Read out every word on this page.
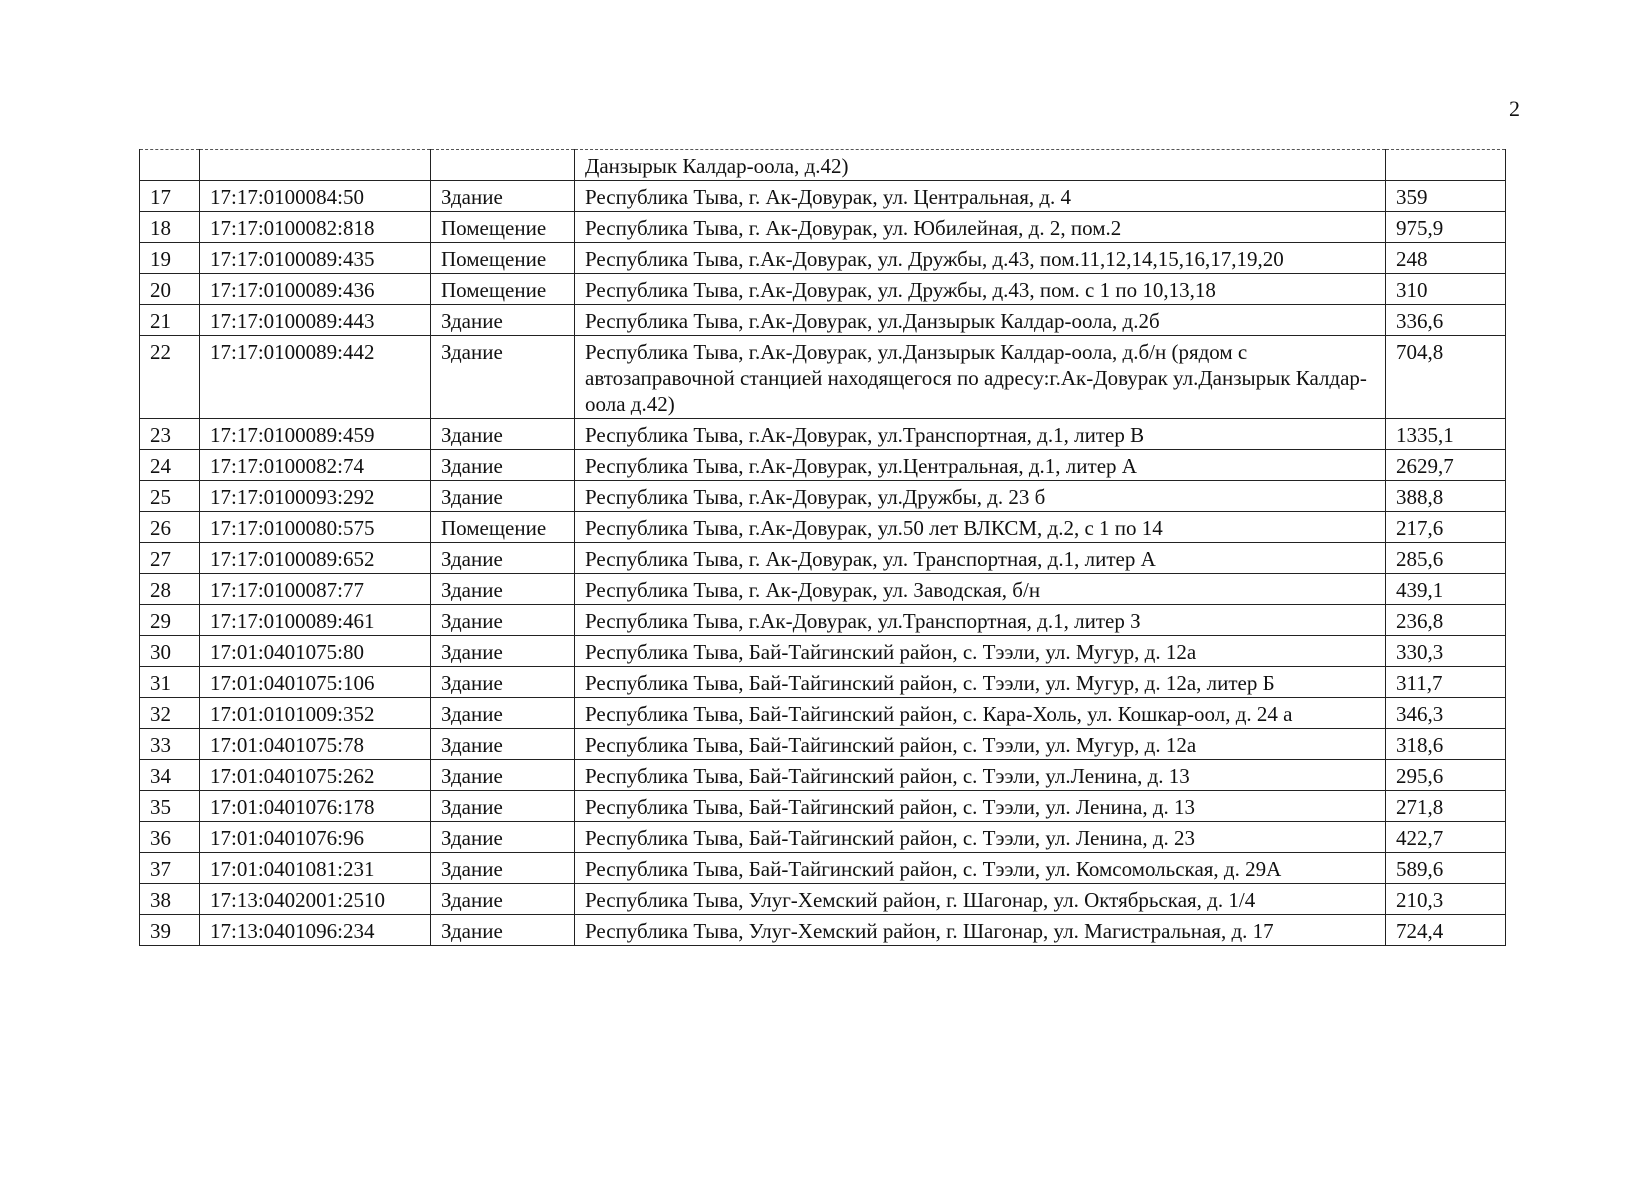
2
			Данзырык Калдар-оола, д.42)	
17	17:17:0100084:50	Здание	Республика Тыва, г. Ак-Довурак, ул. Центральная, д. 4	359
18	17:17:0100082:818	Помещение	Республика Тыва, г. Ак-Довурак, ул. Юбилейная, д. 2, пом.2	975,9
19	17:17:0100089:435	Помещение	Республика Тыва, г.Ак-Довурак, ул. Дружбы, д.43, пом.11,12,14,15,16,17,19,20	248
20	17:17:0100089:436	Помещение	Республика Тыва, г.Ак-Довурак, ул. Дружбы, д.43, пом. с 1 по 10,13,18	310
21	17:17:0100089:443	Здание	Республика Тыва, г.Ак-Довурак, ул.Данзырык Калдар-оола, д.2б	336,6
22	17:17:0100089:442	Здание	Республика Тыва, г.Ак-Довурак, ул.Данзырык Калдар-оола, д.б/н (рядом с автозаправочной станцией находящегося по адресу:г.Ак-Довурак ул.Данзырык Калдар-оола д.42)	704,8
23	17:17:0100089:459	Здание	Республика Тыва, г.Ак-Довурак, ул.Транспортная, д.1, литер В	1335,1
24	17:17:0100082:74	Здание	Республика Тыва, г.Ак-Довурак, ул.Центральная, д.1, литер А	2629,7
25	17:17:0100093:292	Здание	Республика Тыва, г.Ак-Довурак, ул.Дружбы, д. 23 б	388,8
26	17:17:0100080:575	Помещение	Республика Тыва, г.Ак-Довурак, ул.50 лет ВЛКСМ, д.2, с 1 по 14	217,6
27	17:17:0100089:652	Здание	Республика Тыва, г. Ак-Довурак, ул. Транспортная, д.1, литер А	285,6
28	17:17:0100087:77	Здание	Республика Тыва, г. Ак-Довурак, ул. Заводская, б/н	439,1
29	17:17:0100089:461	Здание	Республика Тыва, г.Ак-Довурак, ул.Транспортная, д.1, литер З	236,8
30	17:01:0401075:80	Здание	Республика Тыва, Бай-Тайгинский район, с. Тээли, ул. Мугур, д. 12а	330,3
31	17:01:0401075:106	Здание	Республика Тыва, Бай-Тайгинский район, с. Тээли, ул. Мугур, д. 12а, литер Б	311,7
32	17:01:0101009:352	Здание	Республика Тыва, Бай-Тайгинский район, с. Кара-Холь, ул. Кошкар-оол, д. 24 а	346,3
33	17:01:0401075:78	Здание	Республика Тыва, Бай-Тайгинский район, с. Тээли, ул. Мугур, д. 12а	318,6
34	17:01:0401075:262	Здание	Республика Тыва, Бай-Тайгинский район, с. Тээли, ул.Ленина, д. 13	295,6
35	17:01:0401076:178	Здание	Республика Тыва, Бай-Тайгинский район, с. Тээли, ул. Ленина, д. 13	271,8
36	17:01:0401076:96	Здание	Республика Тыва, Бай-Тайгинский район, с. Тээли, ул. Ленина, д. 23	422,7
37	17:01:0401081:231	Здание	Республика Тыва, Бай-Тайгинский район, с. Тээли, ул. Комсомольская, д. 29А	589,6
38	17:13:0402001:2510	Здание	Республика Тыва, Улуг-Хемский район, г. Шагонар, ул. Октябрьская, д. 1/4	210,3
39	17:13:0401096:234	Здание	Республика Тыва, Улуг-Хемский район, г. Шагонар, ул. Магистральная, д. 17	724,4
